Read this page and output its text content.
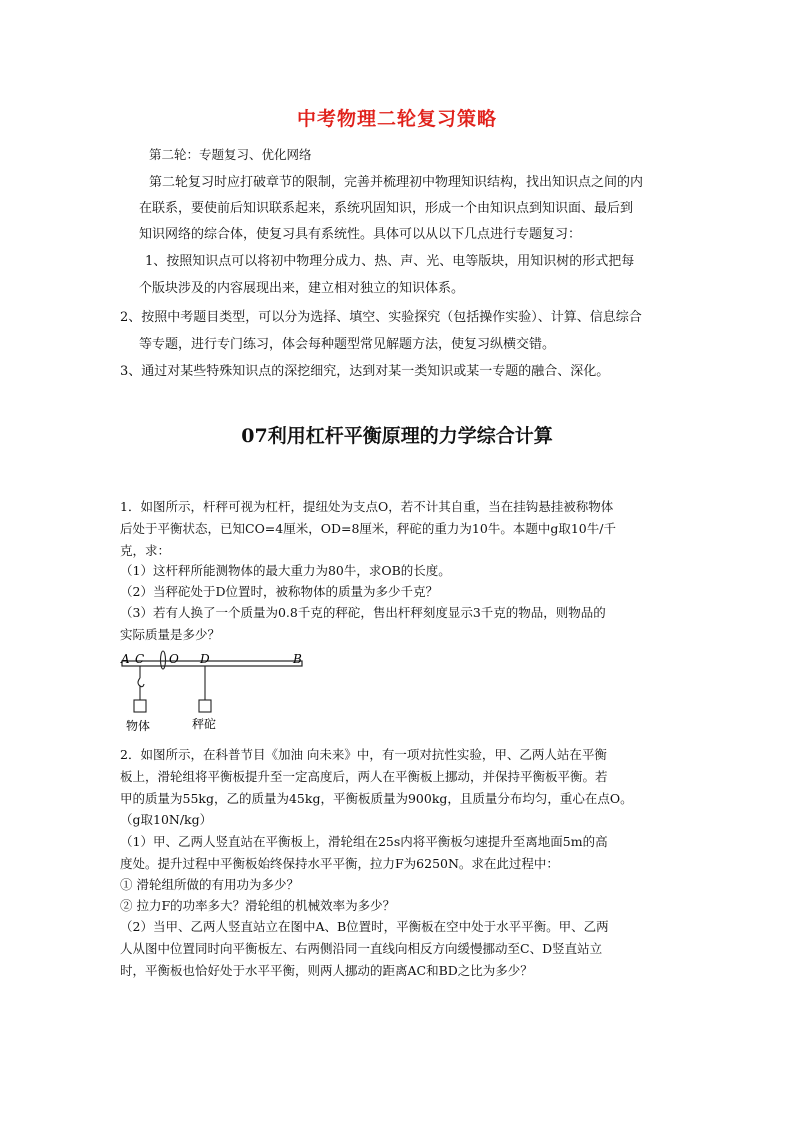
中考物理二轮复习策略
第二轮：专题复习、优化网络
第二轮复习时应打破章节的限制，完善并梳理初中物理知识结构，找出知识点之间的内
在联系，要使前后知识联系起来，系统巩固知识，形成一个由知识点到知识面、最后到
知识网络的综合体，使复习具有系统性。具体可以从以下几点进行专题复习：
1、按照知识点可以将初中物理分成力、热、声、光、电等版块，用知识树的形式把每
个版块涉及的内容展现出来，建立相对独立的知识体系。
2、按照中考题目类型，可以分为选择、填空、实验探究（包括操作实验）、计算、信息综合
等专题，进行专门练习，体会每种题型常见解题方法，使复习纵横交错。
3、通过对某些特殊知识点的深挖细究，达到对某一类知识或某一专题的融合、深化。
07利用杠杆平衡原理的力学综合计算
1．如图所示，杆秤可视为杠杆，提纽处为支点O，若不计其自重，当在挂钩悬挂被称物体
后处于平衡状态，已知CO=4厘米，OD=8厘米，秤砣的重力为10牛。本题中g取10牛/千
克，求：
（1）这杆秤所能测物体的最大重力为80牛，求OB的长度。
（2）当秤砣处于D位置时，被称物体的质量为多少千克？
（3）若有人换了一个质量为0.8千克的秤砣，售出杆秤刻度显示3千克的物品，则物品的
实际质量是多少？
A C O D	B
物体	秤砣
2．如图所示，在科普节目《加油 向未来》中，有一项对抗性实验，甲、乙两人站在平衡
板上，滑轮组将平衡板提升至一定高度后，两人在平衡板上挪动，并保持平衡板平衡。若
甲的质量为55kg，乙的质量为45kg，平衡板质量为900kg，且质量分布均匀，重心在点O。
（g取10N/kg）
（1）甲、乙两人竖直站在平衡板上，滑轮组在25s内将平衡板匀速提升至离地面5m的高
度处。提升过程中平衡板始终保持水平平衡，拉力F为6250N。求在此过程中：
① 滑轮组所做的有用功为多少？
② 拉力F的功率多大？滑轮组的机械效率为多少？
（2）当甲、乙两人竖直站立在图中A、B位置时，平衡板在空中处于水平平衡。甲、乙两
人从图中位置同时向平衡板左、右两侧沿同一直线向相反方向缓慢挪动至C、D竖直站立
时，平衡板也恰好处于水平平衡，则两人挪动的距离AC和BD之比为多少？
